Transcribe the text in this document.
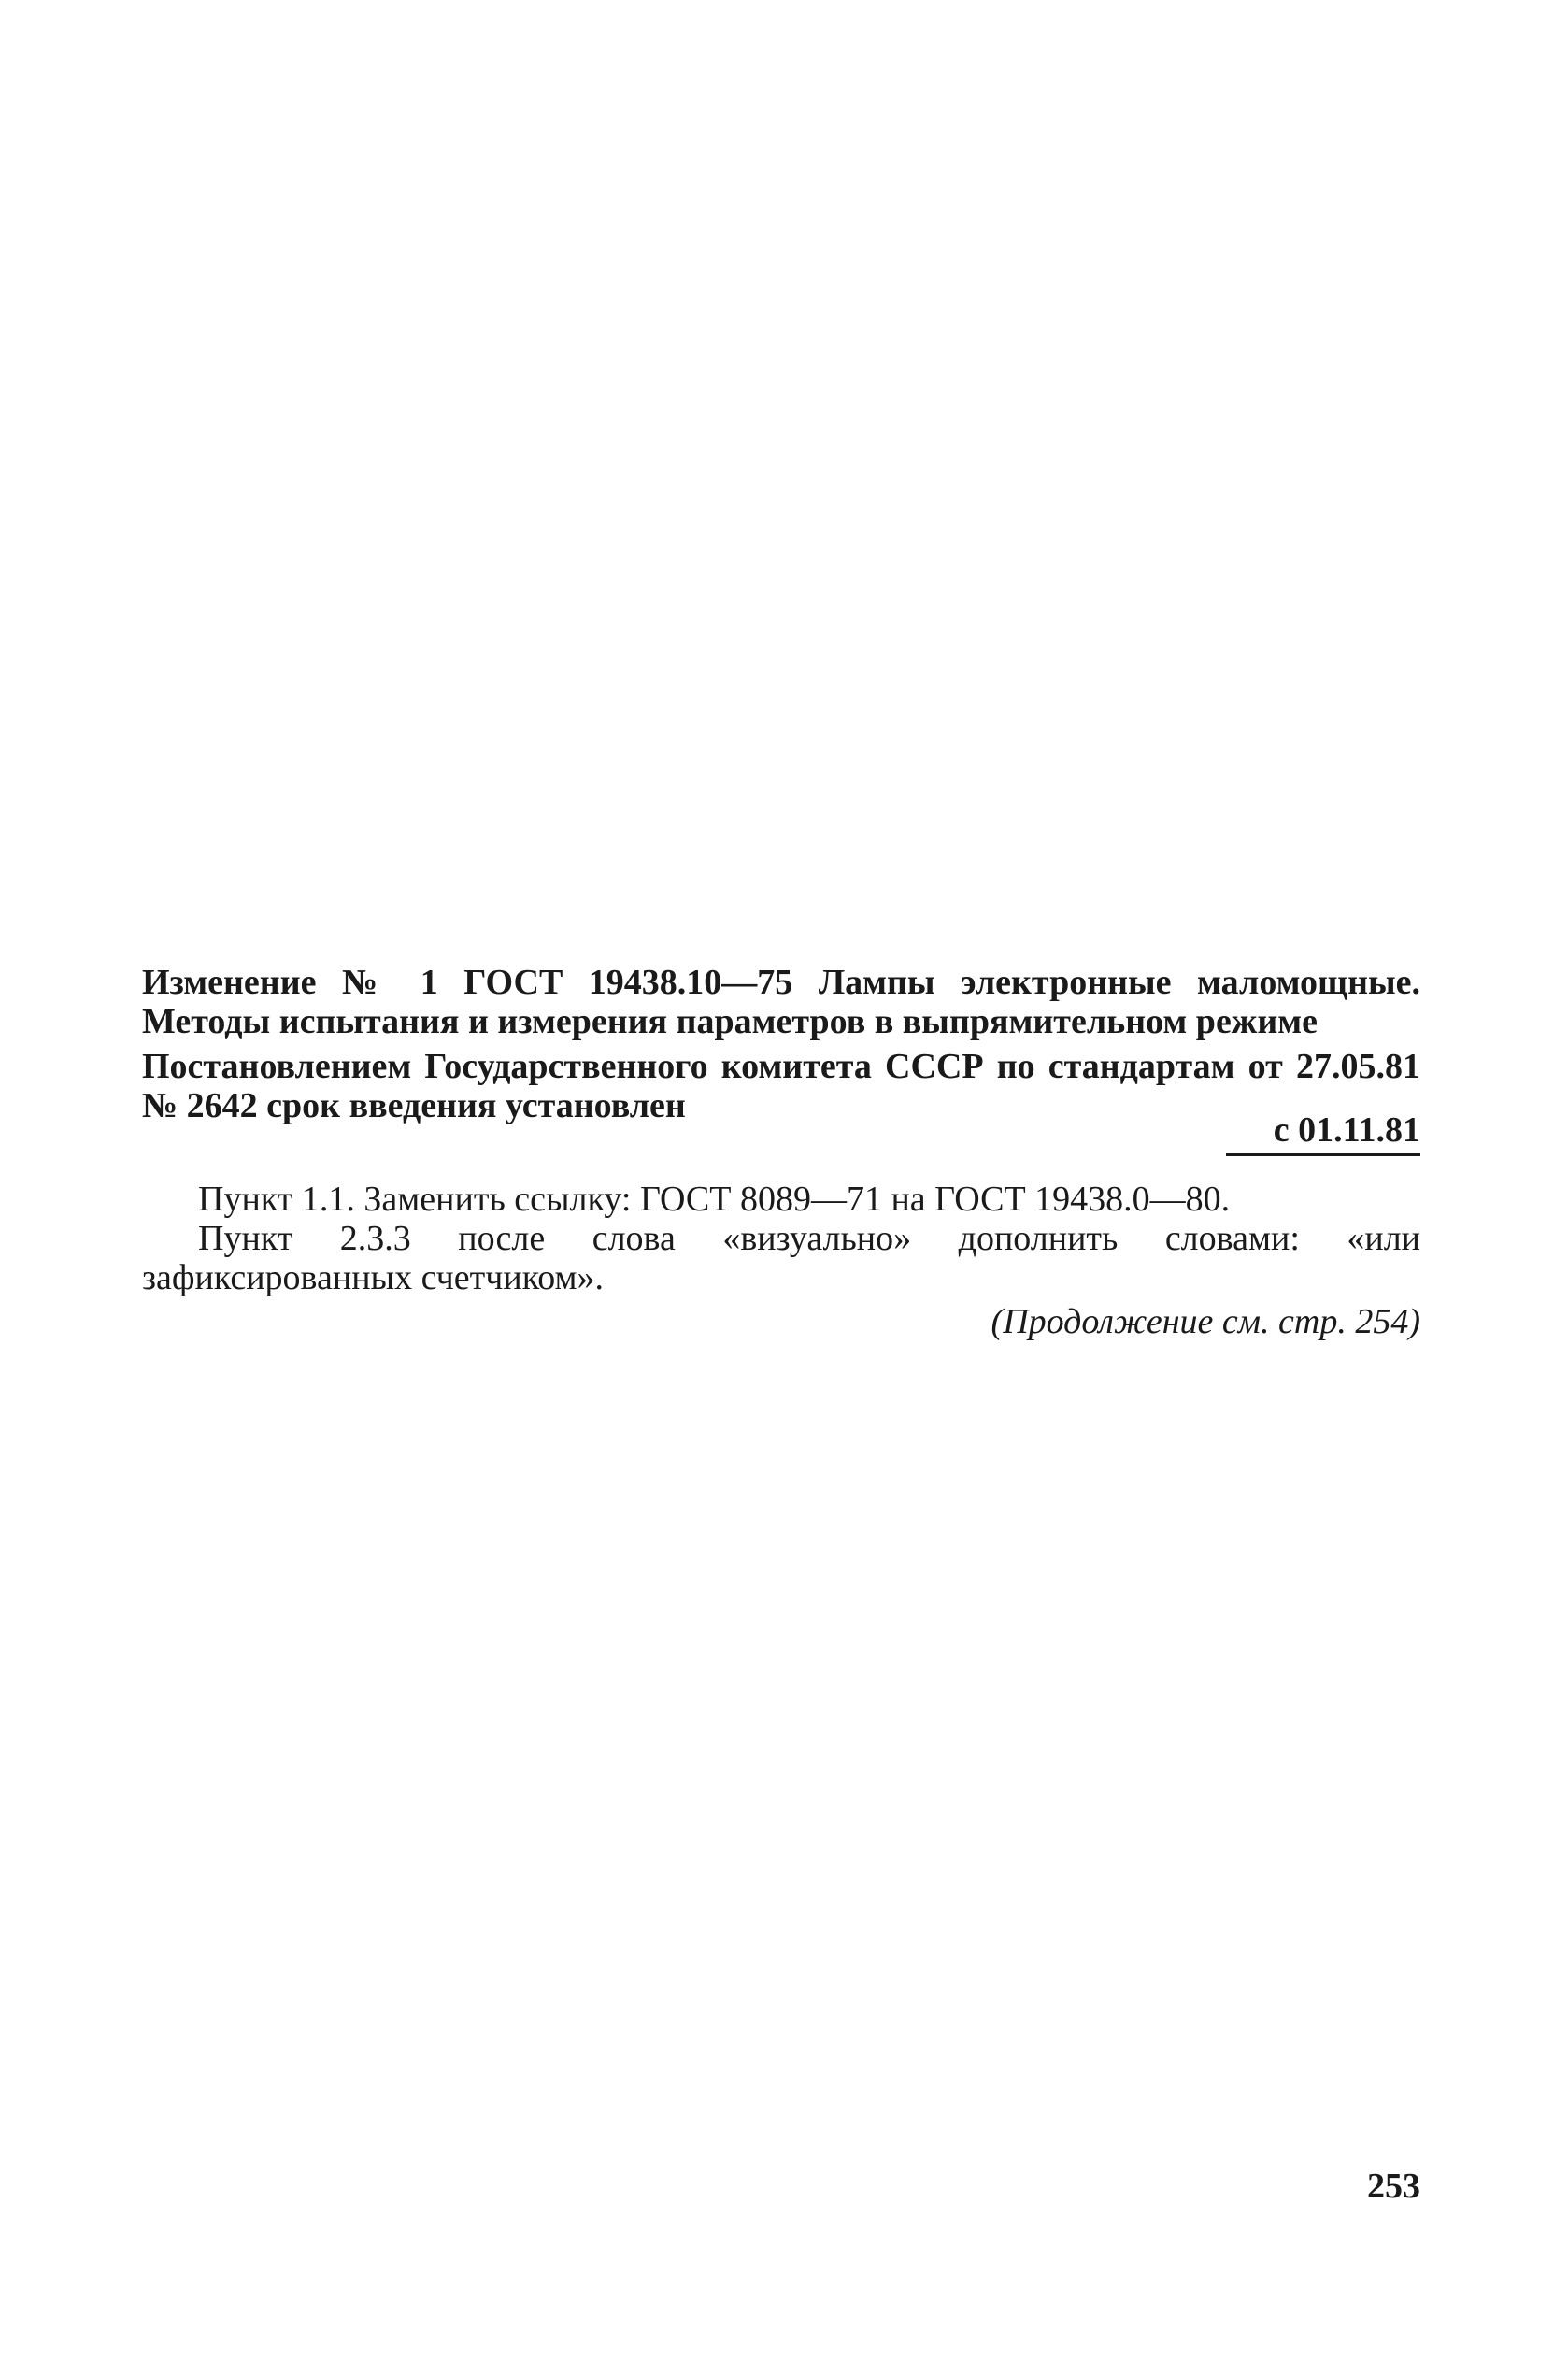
Изменение № 1 ГОСТ 19438.10—75 Лампы электронные маломощные. Методы испытания и измерения параметров в выпрямительном режиме
Постановлением Государственного комитета СССР по стандартам от 27.05.81 № 2642 срок введения установлен
с 01.11.81

Пункт 1.1. Заменить ссылку: ГОСТ 8089—71 на ГОСТ 19438.0—80.

Пункт 2.3.3 после слова «визуально» дополнить словами: «или зафиксированных счетчиком».

(Продолжение см. стр. 254)
253
